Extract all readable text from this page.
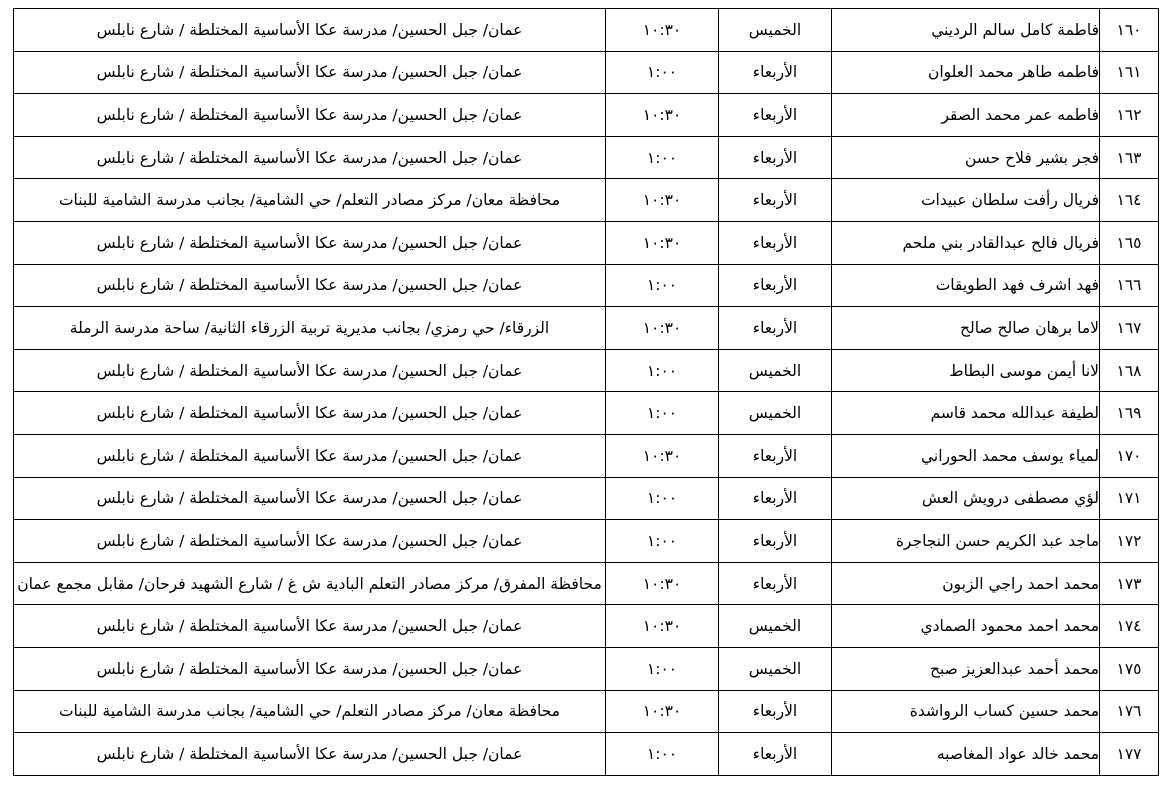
١٦٠	فاطمة كامل سالم الرديني	الخميس	١٠:٣٠	عمان/ جبل الحسين/ مدرسة عكا الأساسية المختلطة / شارع نابلس
١٦١	فاطمه طاهر محمد العلوان	الأربعاء	١:٠٠	عمان/ جبل الحسين/ مدرسة عكا الأساسية المختلطة / شارع نابلس
١٦٢	فاطمه عمر محمد الصقر	الأربعاء	١٠:٣٠	عمان/ جبل الحسين/ مدرسة عكا الأساسية المختلطة / شارع نابلس
١٦٣	فجر بشير فلاح حسن	الأربعاء	١:٠٠	عمان/ جبل الحسين/ مدرسة عكا الأساسية المختلطة / شارع نابلس
١٦٤	فريال رأفت سلطان عبيدات	الأربعاء	١٠:٣٠	محافظة معان/ مركز مصادر التعلم/ حي الشامية/ بجانب مدرسة الشامية للبنات
١٦٥	فريال فالح عبدالقادر بني ملحم	الأربعاء	١٠:٣٠	عمان/ جبل الحسين/ مدرسة عكا الأساسية المختلطة / شارع نابلس
١٦٦	فهد اشرف فهد الطويقات	الأربعاء	١:٠٠	عمان/ جبل الحسين/ مدرسة عكا الأساسية المختلطة / شارع نابلس
١٦٧	لاما برهان صالح صالح	الأربعاء	١٠:٣٠	الزرقاء/ حي رمزي/ بجانب مديرية تربية الزرقاء الثانية/ ساحة مدرسة الرملة
١٦٨	لانا أيمن موسى البطاط	الخميس	١:٠٠	عمان/ جبل الحسين/ مدرسة عكا الأساسية المختلطة / شارع نابلس
١٦٩	لطيفة عبدالله محمد قاسم	الخميس	١:٠٠	عمان/ جبل الحسين/ مدرسة عكا الأساسية المختلطة / شارع نابلس
١٧٠	لمياء يوسف محمد الحوراني	الأربعاء	١٠:٣٠	عمان/ جبل الحسين/ مدرسة عكا الأساسية المختلطة / شارع نابلس
١٧١	لؤي مصطفى درويش العش	الأربعاء	١:٠٠	عمان/ جبل الحسين/ مدرسة عكا الأساسية المختلطة / شارع نابلس
١٧٢	ماجد عبد الكريم حسن النجاجرة	الأربعاء	١:٠٠	عمان/ جبل الحسين/ مدرسة عكا الأساسية المختلطة / شارع نابلس
١٧٣	محمد احمد راجي الزبون	الأربعاء	١٠:٣٠	محافظة المفرق/ مركز مصادر التعلم البادية ش غ / شارع الشهيد فرحان/ مقابل مجمع عمان
١٧٤	محمد احمد محمود الصمادي	الخميس	١٠:٣٠	عمان/ جبل الحسين/ مدرسة عكا الأساسية المختلطة / شارع نابلس
١٧٥	محمد أحمد عبدالعزيز صبح	الخميس	١:٠٠	عمان/ جبل الحسين/ مدرسة عكا الأساسية المختلطة / شارع نابلس
١٧٦	محمد حسين كساب الرواشدة	الأربعاء	١٠:٣٠	محافظة معان/ مركز مصادر التعلم/ حي الشامية/ بجانب مدرسة الشامية للبنات
١٧٧	محمد خالد عواد المغاصبه	الأربعاء	١:٠٠	عمان/ جبل الحسين/ مدرسة عكا الأساسية المختلطة / شارع نابلس
